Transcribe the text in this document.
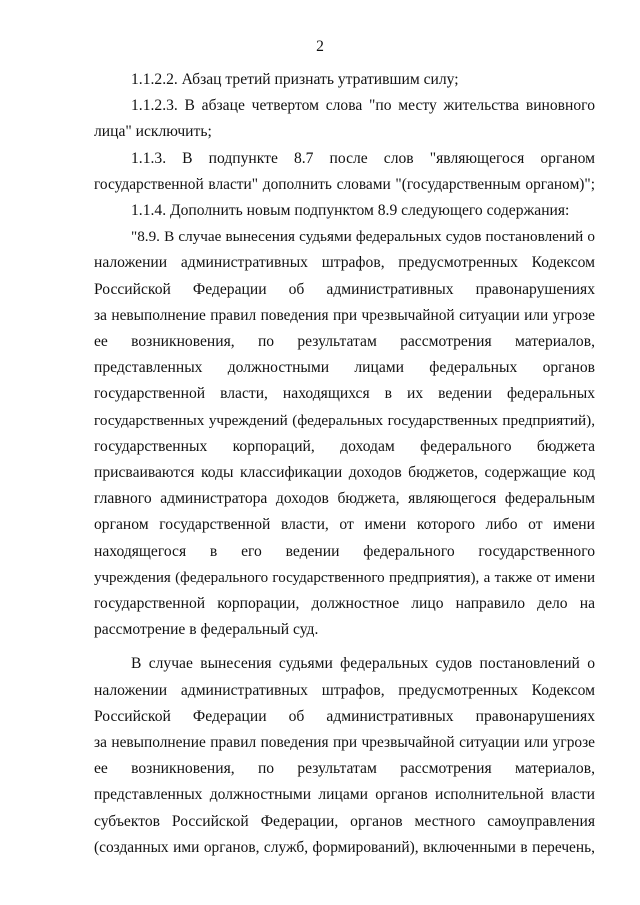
2
1.1.2.2. Абзац третий признать утратившим силу;
1.1.2.3. В абзаце четвертом слова "по месту жительства виновного
лица" исключить;
1.1.3. В подпункте 8.7 после слов "являющегося органом
государственной власти" дополнить словами "(государственным органом)";
1.1.4. Дополнить новым подпунктом 8.9 следующего содержания:
"8.9. В случае вынесения судьями федеральных судов постановлений о
наложении административных штрафов, предусмотренных Кодексом
Российской Федерации об административных правонарушениях
за невыполнение правил поведения при чрезвычайной ситуации или угрозе
ее возникновения, по результатам рассмотрения материалов,
представленных должностными лицами федеральных органов
государственной власти, находящихся в их ведении федеральных
государственных учреждений (федеральных государственных предприятий),
государственных корпораций, доходам федерального бюджета
присваиваются коды классификации доходов бюджетов, содержащие код
главного администратора доходов бюджета, являющегося федеральным
органом государственной власти, от имени которого либо от имени
находящегося в его ведении федерального государственного
учреждения (федерального государственного предприятия), а также от имени
государственной корпорации, должностное лицо направило дело на
рассмотрение в федеральный суд.
В случае вынесения судьями федеральных судов постановлений о
наложении административных штрафов, предусмотренных Кодексом
Российской Федерации об административных правонарушениях
за невыполнение правил поведения при чрезвычайной ситуации или угрозе
ее возникновения, по результатам рассмотрения материалов,
представленных должностными лицами органов исполнительной власти
субъектов Российской Федерации, органов местного самоуправления
(созданных ими органов, служб, формирований), включенными в перечень,
